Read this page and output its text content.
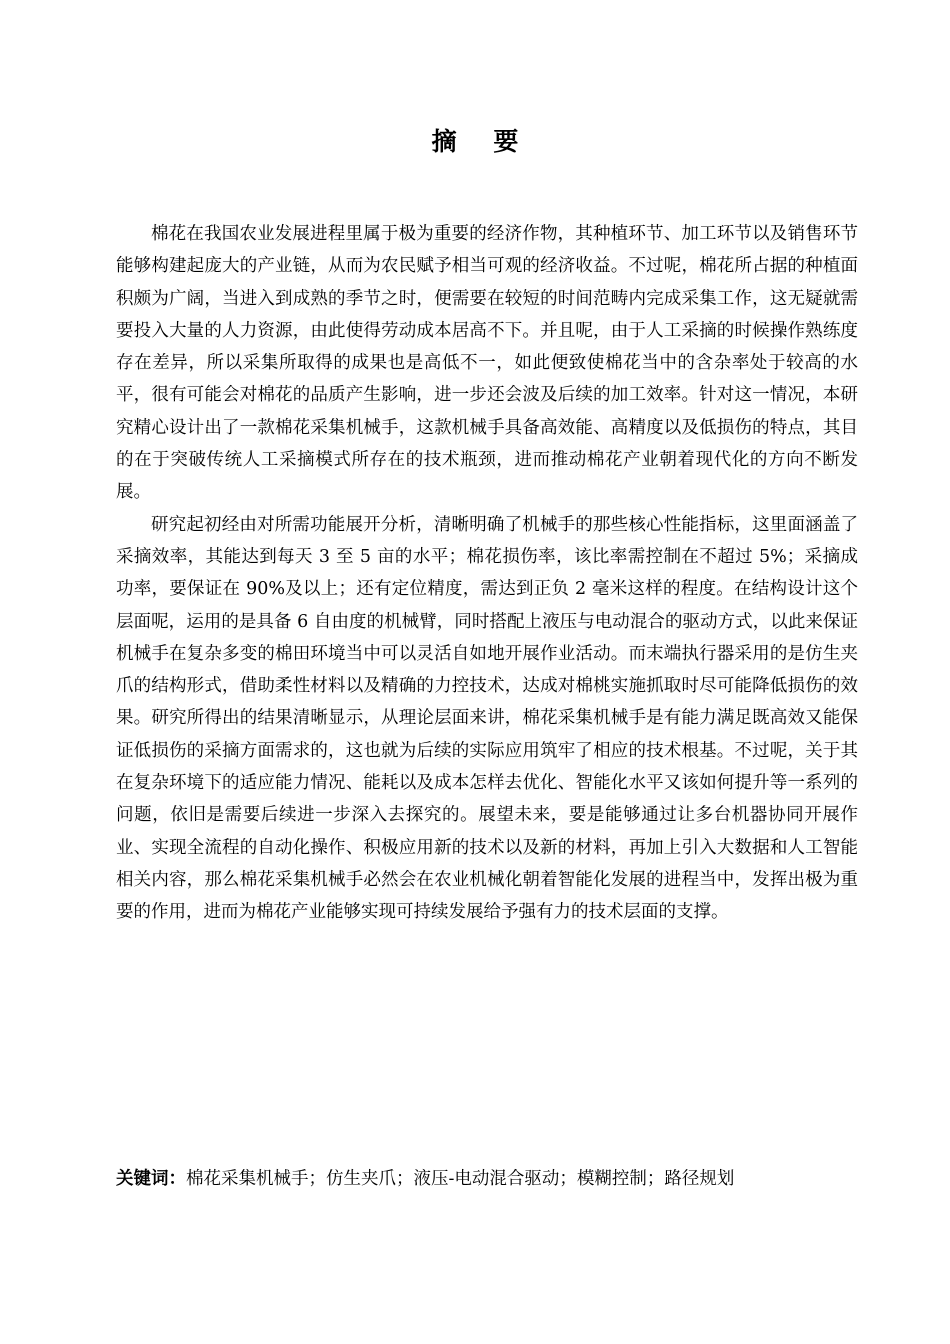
摘 要

棉花在我国农业发展进程里属于极为重要的经济作物，其种植环节、加工环节以及销售环节能够构建起庞大的产业链，从而为农民赋予相当可观的经济收益。不过呢，棉花所占据的种植面积颇为广阔，当进入到成熟的季节之时，便需要在较短的时间范畴内完成采集工作，这无疑就需要投入大量的人力资源，由此使得劳动成本居高不下。并且呢，由于人工采摘的时候操作熟练度存在差异，所以采集所取得的成果也是高低不一，如此便致使棉花当中的含杂率处于较高的水平，很有可能会对棉花的品质产生影响，进一步还会波及后续的加工效率。针对这一情况，本研究精心设计出了一款棉花采集机械手，这款机械手具备高效能、高精度以及低损伤的特点，其目的在于突破传统人工采摘模式所存在的技术瓶颈，进而推动棉花产业朝着现代化的方向不断发展。

研究起初经由对所需功能展开分析，清晰明确了机械手的那些核心性能指标，这里面涵盖了采摘效率，其能达到每天 3 至 5 亩的水平；棉花损伤率，该比率需控制在不超过 5%；采摘成功率，要保证在 90%及以上；还有定位精度，需达到正负 2 毫米这样的程度。在结构设计这个层面呢，运用的是具备 6 自由度的机械臂，同时搭配上液压与电动混合的驱动方式，以此来保证机械手在复杂多变的棉田环境当中可以灵活自如地开展作业活动。而末端执行器采用的是仿生夹爪的结构形式，借助柔性材料以及精确的力控技术，达成对棉桃实施抓取时尽可能降低损伤的效果。研究所得出的结果清晰显示，从理论层面来讲，棉花采集机械手是有能力满足既高效又能保证低损伤的采摘方面需求的，这也就为后续的实际应用筑牢了相应的技术根基。不过呢，关于其在复杂环境下的适应能力情况、能耗以及成本怎样去优化、智能化水平又该如何提升等一系列的问题，依旧是需要后续进一步深入去探究的。展望未来，要是能够通过让多台机器协同开展作业、实现全流程的自动化操作、积极应用新的技术以及新的材料，再加上引入大数据和人工智能相关内容，那么棉花采集机械手必然会在农业机械化朝着智能化发展的进程当中，发挥出极为重要的作用，进而为棉花产业能够实现可持续发展给予强有力的技术层面的支撑。

关键词：棉花采集机械手；仿生夹爪；液压-电动混合驱动；模糊控制；路径规划
